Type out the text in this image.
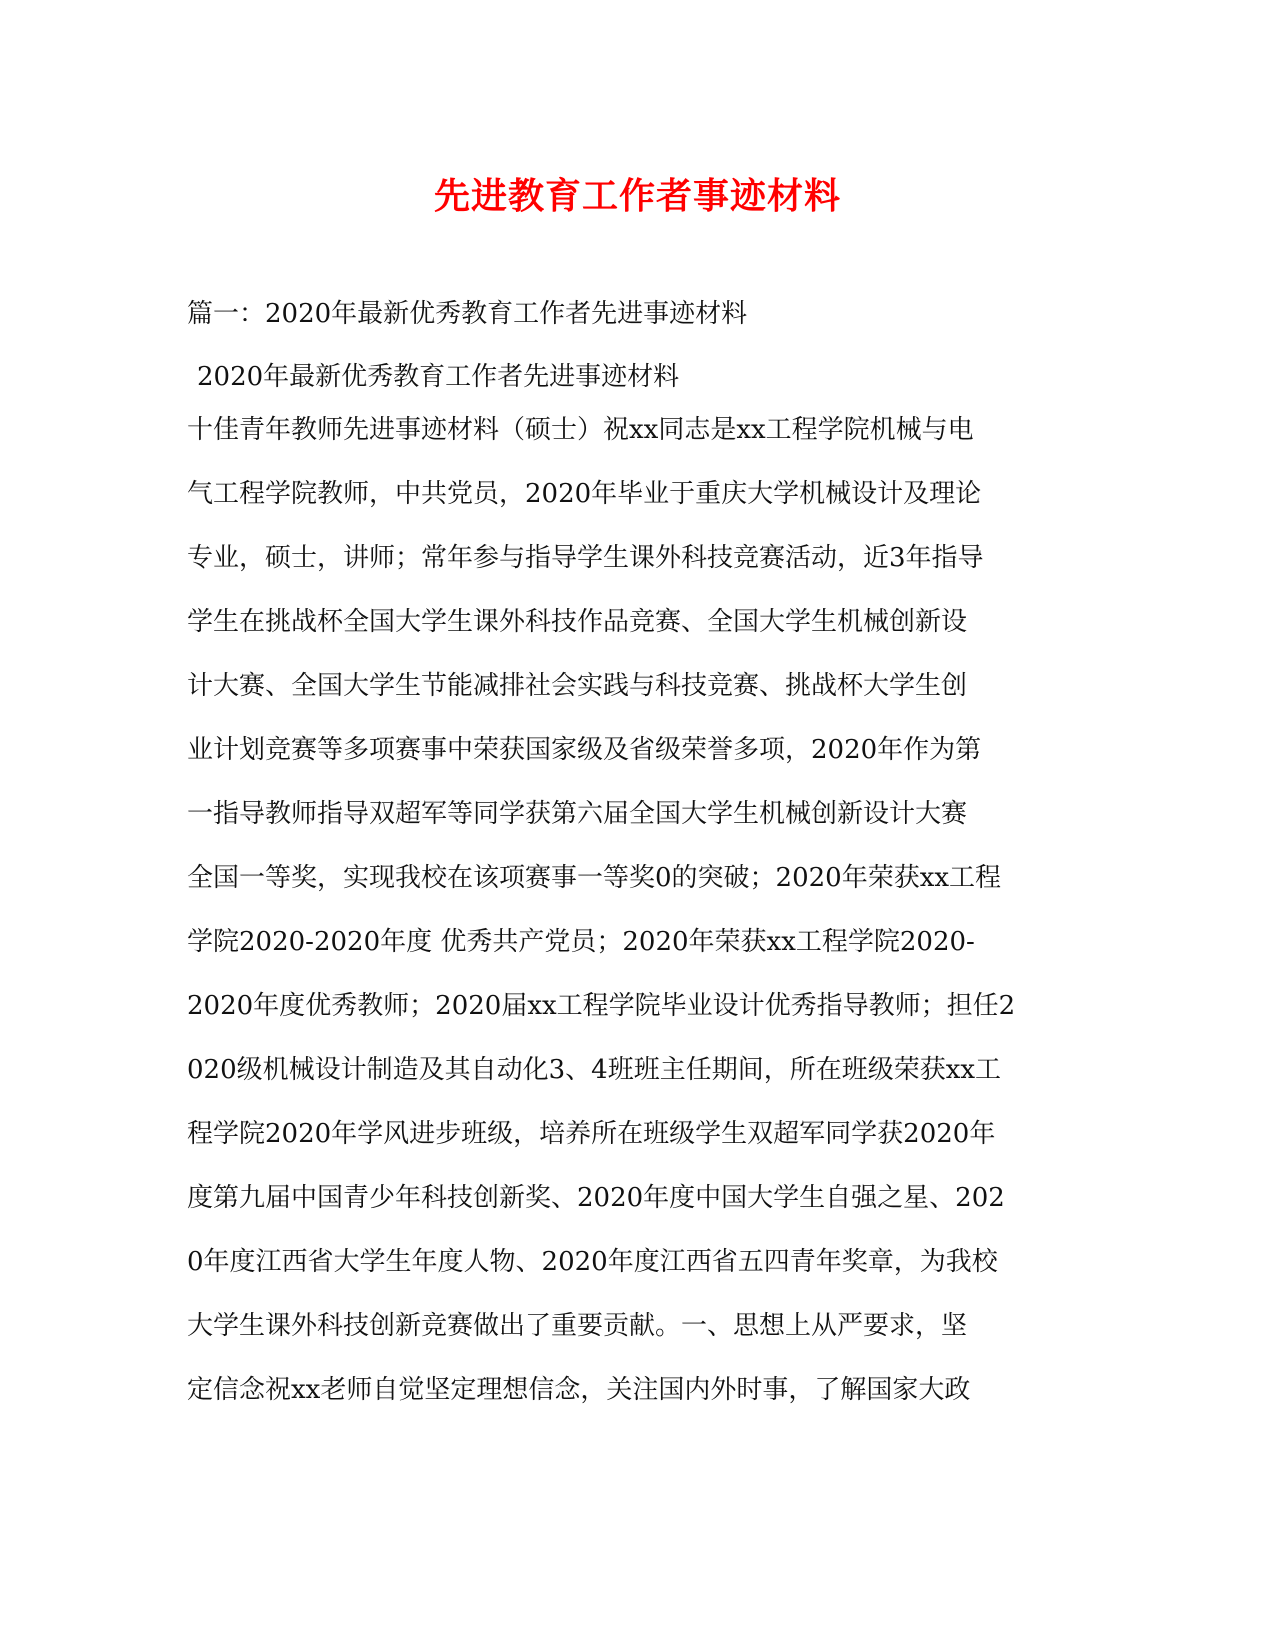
先进教育工作者事迹材料

篇一：2020年最新优秀教育工作者先进事迹材料

2020年最新优秀教育工作者先进事迹材料

十佳青年教师先进事迹材料（硕士）祝xx同志是xx工程学院机械与电
气工程学院教师，中共党员，2020年毕业于重庆大学机械设计及理论
专业，硕士，讲师；常年参与指导学生课外科技竞赛活动，近3年指导
学生在挑战杯全国大学生课外科技作品竞赛、全国大学生机械创新设
计大赛、全国大学生节能减排社会实践与科技竞赛、挑战杯大学生创
业计划竞赛等多项赛事中荣获国家级及省级荣誉多项，2020年作为第
一指导教师指导双超军等同学获第六届全国大学生机械创新设计大赛
全国一等奖，实现我校在该项赛事一等奖0的突破；2020年荣获xx工程
学院2020-2020年度 优秀共产党员；2020年荣获xx工程学院2020-
2020年度优秀教师；2020届xx工程学院毕业设计优秀指导教师；担任2
020级机械设计制造及其自动化3、4班班主任期间，所在班级荣获xx工
程学院2020年学风进步班级，培养所在班级学生双超军同学获2020年
度第九届中国青少年科技创新奖、2020年度中国大学生自强之星、202
0年度江西省大学生年度人物、2020年度江西省五四青年奖章，为我校
大学生课外科技创新竞赛做出了重要贡献。一、思想上从严要求，坚
定信念祝xx老师自觉坚定理想信念，关注国内外时事，了解国家大政
